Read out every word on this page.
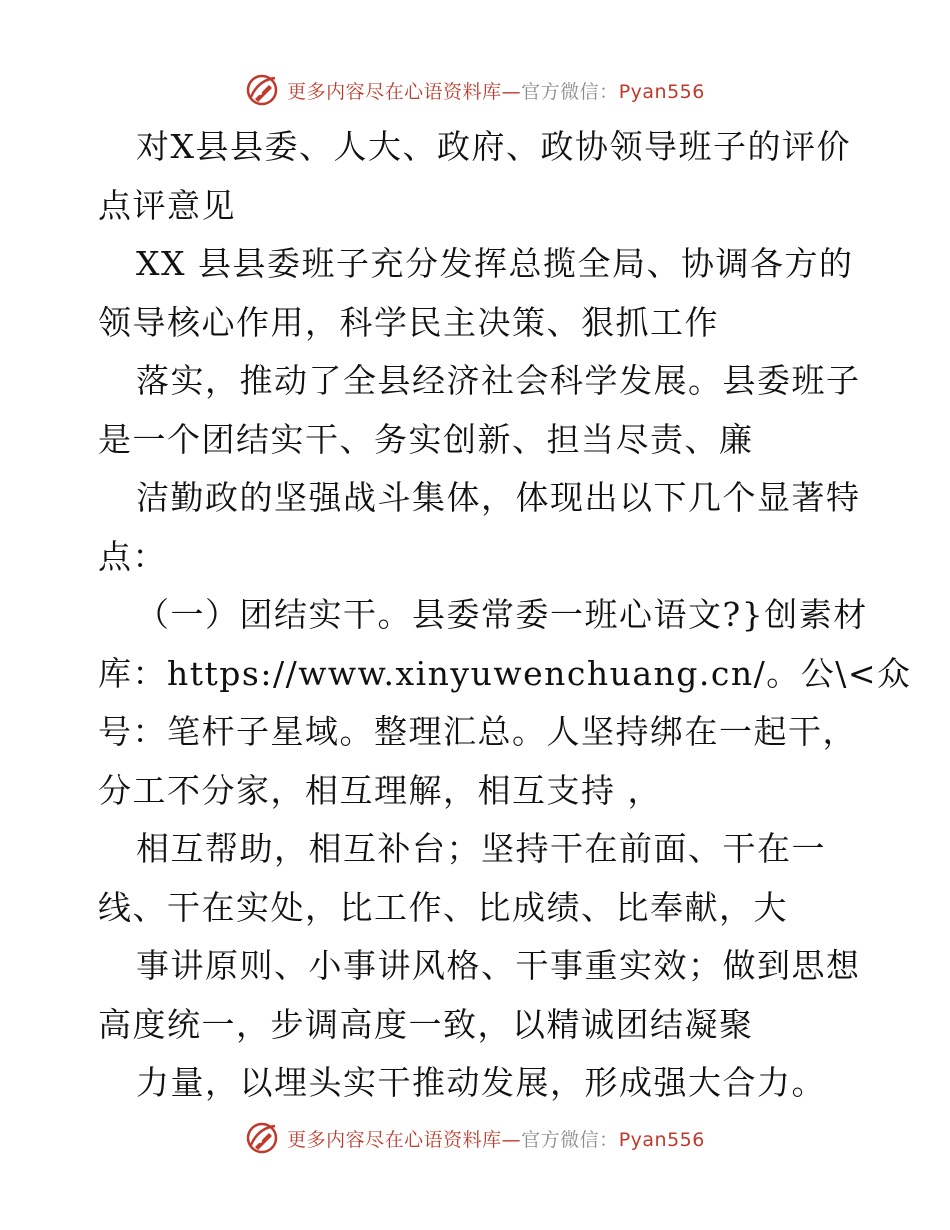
更多内容尽在心语资料库—官方微信：Pyan556
对X县县委、人大、政府、政协领导班子的评价
点评意见
XX 县县委班子充分发挥总揽全局、协调各方的
领导核心作用，科学民主决策、狠抓工作
落实，推动了全县经济社会科学发展。县委班子
是一个团结实干、务实创新、担当尽责、廉
洁勤政的坚强战斗集体，体现出以下几个显著特
点：
（一）团结实干。县委常委一班心语文?}创素材
库：https://www.xinyuwenchuang.cn/。公\<众
号：笔杆子星域。整理汇总。人坚持绑在一起干，
分工不分家，相互理解，相互支持 ，
相互帮助，相互补台；坚持干在前面、干在一
线、干在实处，比工作、比成绩、比奉献，大
事讲原则、小事讲风格、干事重实效；做到思想
高度统一，步调高度一致，以精诚团结凝聚
力量，以埋头实干推动发展，形成强大合力。
更多内容尽在心语资料库—官方微信：Pyan556
